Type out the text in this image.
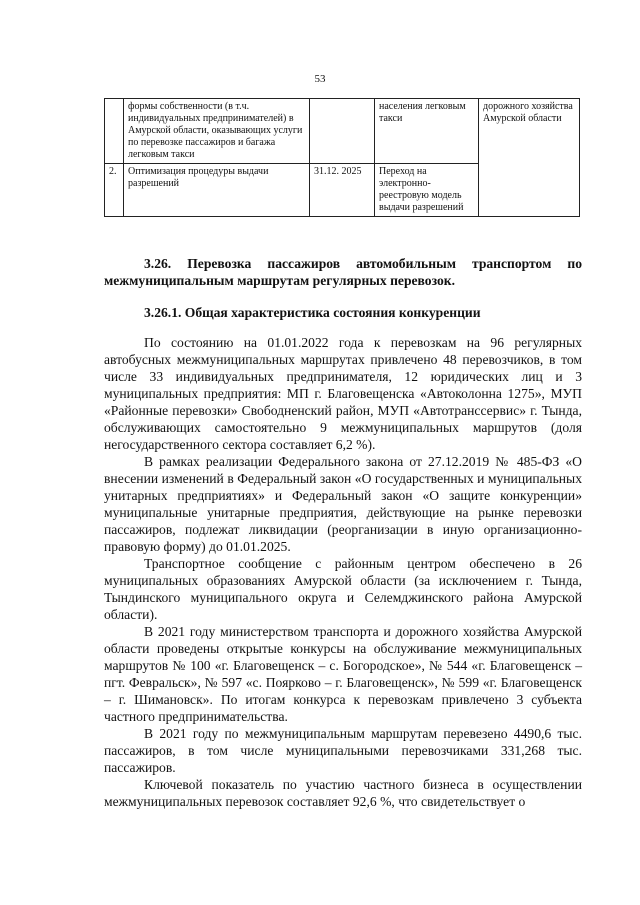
53
	формы собственности (в т.ч. индивидуальных предпринимателей) в Амурской области, оказывающих услуги по перевозке пассажиров и багажа легковым такси		населения легковым такси	дорожного хозяйства Амурской области
2.	Оптимизация процедуры выдачи разрешений	31.12. 2025	Переход на электронно-реестровую модель выдачи разрешений	
3.26. Перевозка пассажиров автомобильным транспортом по межмуниципальным маршрутам регулярных перевозок.
3.26.1. Общая характеристика состояния конкуренции

По состоянию на 01.01.2022 года к перевозкам на 96 регулярных автобусных межмуниципальных маршрутах привлечено 48 перевозчиков, в том числе 33 индивидуальных предпринимателя, 12 юридических лиц и 3 муниципальных предприятия: МП г. Благовещенска «Автоколонна 1275», МУП «Районные перевозки» Свободненский район, МУП «Автотранссервис» г. Тында, обслуживающих самостоятельно 9 межмуниципальных маршрутов (доля негосударственного сектора составляет 6,2 %).

В рамках реализации Федерального закона от 27.12.2019 № 485-ФЗ «О внесении изменений в Федеральный закон «О государственных и муниципальных унитарных предприятиях» и Федеральный закон «О защите конкуренции» муниципальные унитарные предприятия, действующие на рынке перевозки пассажиров, подлежат ликвидации (реорганизации в иную организационно-правовую форму) до 01.01.2025.

Транспортное сообщение с районным центром обеспечено в 26 муниципальных образованиях Амурской области (за исключением г. Тында, Тындинского муниципального округа и Селемджинского района Амурской области).

В 2021 году министерством транспорта и дорожного хозяйства Амурской области проведены открытые конкурсы на обслуживание межмуниципальных маршрутов № 100 «г. Благовещенск – с. Богородское», № 544 «г. Благовещенск – пгт. Февральск», № 597 «с. Поярково – г. Благовещенск», № 599 «г. Благовещенск – г. Шимановск». По итогам конкурса к перевозкам привлечено 3 субъекта частного предпринимательства.

В 2021 году по межмуниципальным маршрутам перевезено 4490,6 тыс. пассажиров, в том числе муниципальными перевозчиками 331,268 тыс. пассажиров.

Ключевой показатель по участию частного бизнеса в осуществлении межмуниципальных перевозок составляет 92,6 %, что свидетельствует о
